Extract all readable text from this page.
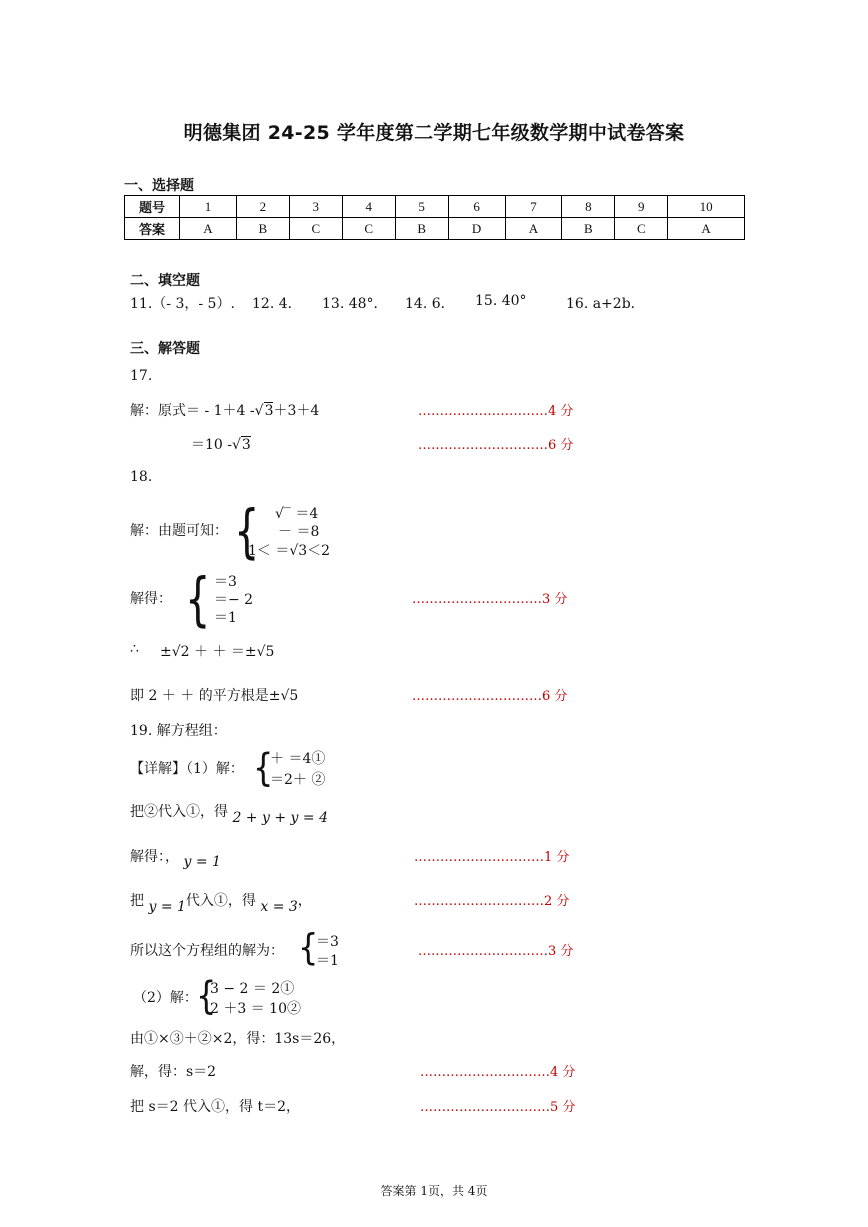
明德集团 24-25 学年度第二学期七年级数学期中试卷答案
一、选择题
题号	1	2	3	4	5	6	7	8	9	10
答案	A	B	C	C	B	D	A	B	C	A
二、填空题
11.（- 3，- 5）. 12. 4． 13. 48°． 14. 6． 15. 40°	16. a+2b．
三、解答题
17.
解：原式＝ - 1＋4 -√3＋3＋4	…………………………4 分
＝10 -√3	…………………………6 分
18.
解：由题可知： { √‾ ＝4
－ ＝8
1＜ ＝√3＜2
解得： { ＝3
＝− 2
＝1
…………………………3 分
∴ ±√2 ＋ ＋ ＝±√5
即 2 ＋ ＋ 的平方根是±√5	…………………………6 分
19. 解方程组：
【详解】（1）解： {
＋ ＝4①
＝2＋ ②
把②代入①，得 2 + y + y = 4
解得：， y = 1	…………………………1 分
把 y = 1代入①，得 x = 3，	…………………………2 分
所以这个方程组的解为： {
＝3
＝1
…………………………3 分
（2）解：
{
3 − 2 ＝ 2①
2 ＋3 ＝ 10②
由①×③＋②×2，得：13s＝26，
解，得：s＝2	…………………………4 分
把 s＝2 代入①，得 t＝2，	…………………………5 分
答案第 1页，共 4页
